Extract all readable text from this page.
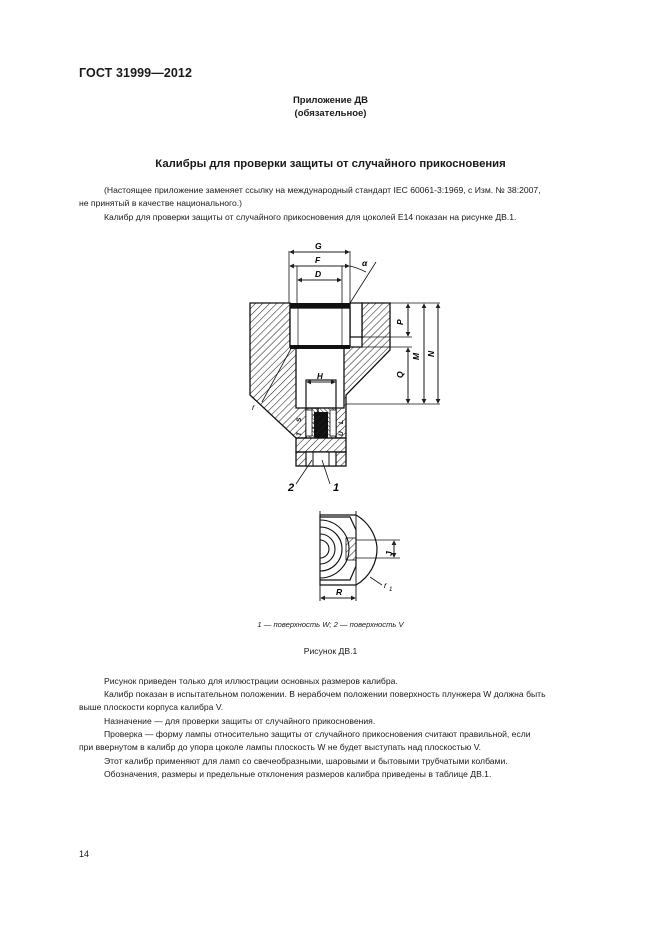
ГОСТ 31999—2012
Приложение ДВ
(обязательное)
Калибры для проверки защиты от случайного прикосновения
(Настоящее приложение заменяет ссылку на международный стандарт IEC 60061-3:1969, с Изм. № 38:2007,
не принятый в качестве национального.)
Калибр для проверки защиты от случайного прикосновения для цоколей Е14 показан на рисунке ДВ.1.
G
F
D
α
P
M N
Q
H
S
T
L
U
r
2	1
J
R
r 1
1 — поверхность W; 2 — поверхность V
Рисунок ДВ.1
Рисунок приведен только для иллюстрации основных размеров калибра.
Калибр показан в испытательном положении. В нерабочем положении поверхность плунжера W должна быть
выше плоскости корпуса калибра V.
Назначение — для проверки защиты от случайного прикосновения.
Проверка — форму лампы относительно защиты от случайного прикосновения считают правильной, если
при ввернутом в калибр до упора цоколе лампы плоскость W не будет выступать над плоскостью V.
Этот калибр применяют для ламп со свечеобразными, шаровыми и бытовыми трубчатыми колбами.
Обозначения, размеры и предельные отклонения размеров калибра приведены в таблице ДВ.1.
14
